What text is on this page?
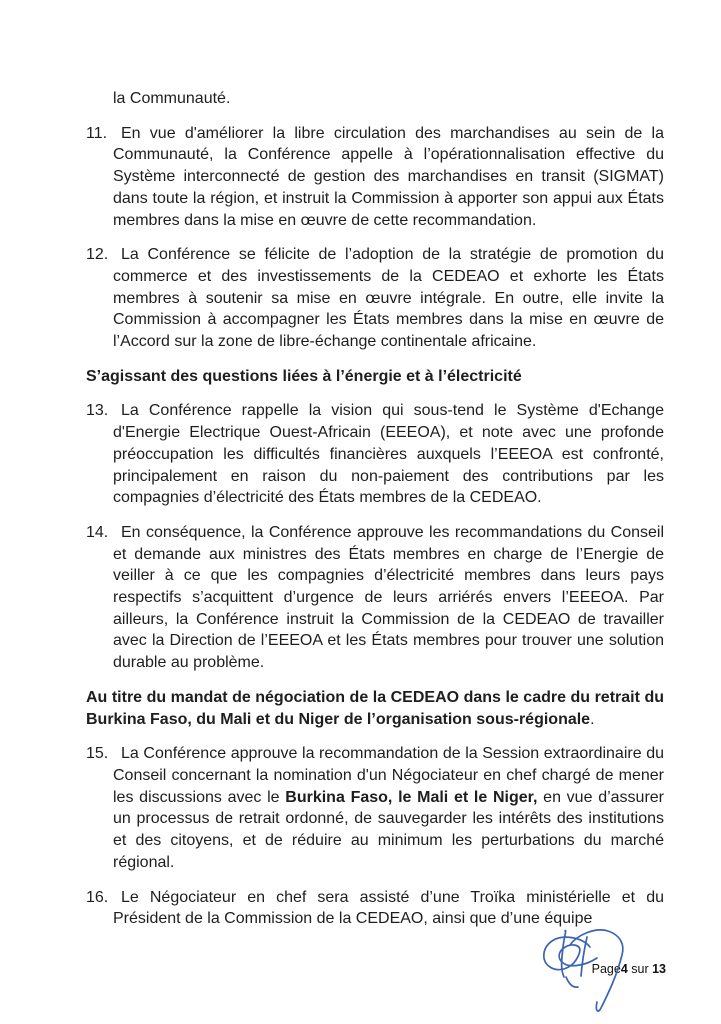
la Communauté.

11. En vue d'améliorer la libre circulation des marchandises au sein de la Communauté, la Conférence appelle à l’opérationnalisation effective du Système interconnecté de gestion des marchandises en transit (SIGMAT) dans toute la région, et instruit la Commission à apporter son appui aux États membres dans la mise en œuvre de cette recommandation.
12. La Conférence se félicite de l’adoption de la stratégie de promotion du commerce et des investissements de la CEDEAO et exhorte les États membres à soutenir sa mise en œuvre intégrale. En outre, elle invite la Commission à accompagner les États membres dans la mise en œuvre de l’Accord sur la zone de libre-échange continentale africaine.
S’agissant des questions liées à l’énergie et à l’électricité
13. La Conférence rappelle la vision qui sous-tend le Système d'Echange d'Energie Electrique Ouest-Africain (EEEOA), et note avec une profonde préoccupation les difficultés financières auxquels l’EEEOA est confronté, principalement en raison du non-paiement des contributions par les compagnies d’électricité des États membres de la CEDEAO.
14. En conséquence, la Conférence approuve les recommandations du Conseil et demande aux ministres des États membres en charge de l’Energie de veiller à ce que les compagnies d’électricité membres dans leurs pays respectifs s’acquittent d’urgence de leurs arriérés envers l’EEEOA. Par ailleurs, la Conférence instruit la Commission de la CEDEAO de travailler avec la Direction de l’EEEOA et les États membres pour trouver une solution durable au problème.
Au titre du mandat de négociation de la CEDEAO dans le cadre du retrait du Burkina Faso, du Mali et du Niger de l’organisation sous-régionale.
15. La Conférence approuve la recommandation de la Session extraordinaire du Conseil concernant la nomination d'un Négociateur en chef chargé de mener les discussions avec le Burkina Faso, le Mali et le Niger, en vue d’assurer un processus de retrait ordonné, de sauvegarder les intérêts des institutions et des citoyens, et de réduire au minimum les perturbations du marché régional.
16. Le Négociateur en chef sera assisté d’une Troïka ministérielle et du Président de la Commission de la CEDEAO, ainsi que d’une équipe
Page4 sur 13
